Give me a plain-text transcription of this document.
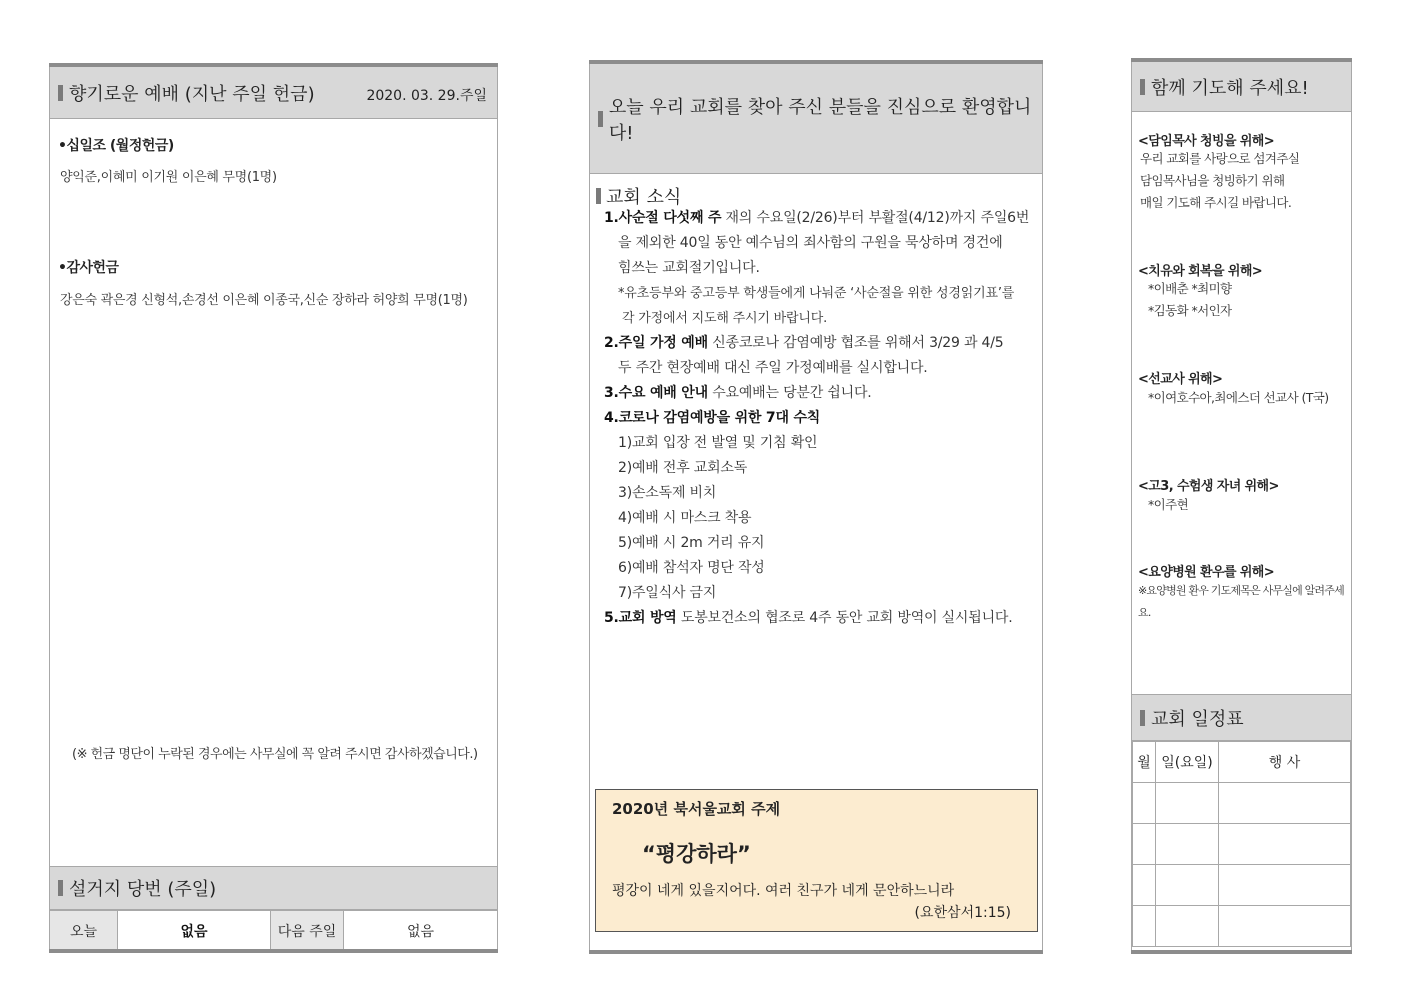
향기로운 예배 (지난 주일 헌금)	2020. 03. 29.주일
•십일조 (월정헌금)
양익준,이혜미 이기원 이은혜 무명(1명)
•감사헌금
강은숙 곽은경 신형석,손경선 이은혜 이종국,신순 장하라 허양희 무명(1명)
(※ 헌금 명단이 누락된 경우에는 사무실에 꼭 알려 주시면 감사하겠습니다.)
설거지 당번 (주일)
오늘	없음	다음 주일	없음
오늘 우리 교회를 찾아 주신 분들을 진심으로 환영합니다!
교회 소식
1.사순절 다섯째 주 재의 수요일(2/26)부터 부활절(4/12)까지 주일6번
을 제외한 40일 동안 예수님의 죄사함의 구원을 묵상하며 경건에
힘쓰는 교회절기입니다.
*유초등부와 중고등부 학생들에게 나눠준 ‘사순절을 위한 성경읽기표’를
각 가정에서 지도해 주시기 바랍니다.
2.주일 가정 예배 신종코로나 감염예방 협조를 위해서 3/29 과 4/5
두 주간 현장예배 대신 주일 가정예배를 실시합니다.
3.수요 예배 안내 수요예배는 당분간 쉽니다.
4.코로나 감염예방을 위한 7대 수칙
1)교회 입장 전 발열 및 기침 확인
2)예배 전후 교회소독
3)손소독제 비치
4)예배 시 마스크 착용
5)예배 시 2m 거리 유지
6)예배 참석자 명단 작성
7)주일식사 금지
5.교회 방역 도봉보건소의 협조로 4주 동안 교회 방역이 실시됩니다.
2020년 북서울교회 주제
“평강하라”
평강이 네게 있을지어다. 여러 친구가 네게 문안하느니라
(요한삼서1:15)
함께 기도해 주세요!
<담임목사 청빙을 위해>
우리 교회를 사랑으로 섬겨주실
담임목사님을 청빙하기 위해
매일 기도해 주시길 바랍니다.
<치유와 회복을 위해>
*이배춘 *최미향
*김동화 *서인자
<선교사 위해>
*이여호수아,최에스더 선교사 (T국)
<고3, 수험생 자녀 위해>
*이주현
<요양병원 환우를 위해>
※요양병원 환우 기도제목은 사무실에 알려주세요.
교회 일정표
월	일(요일)	행 사
